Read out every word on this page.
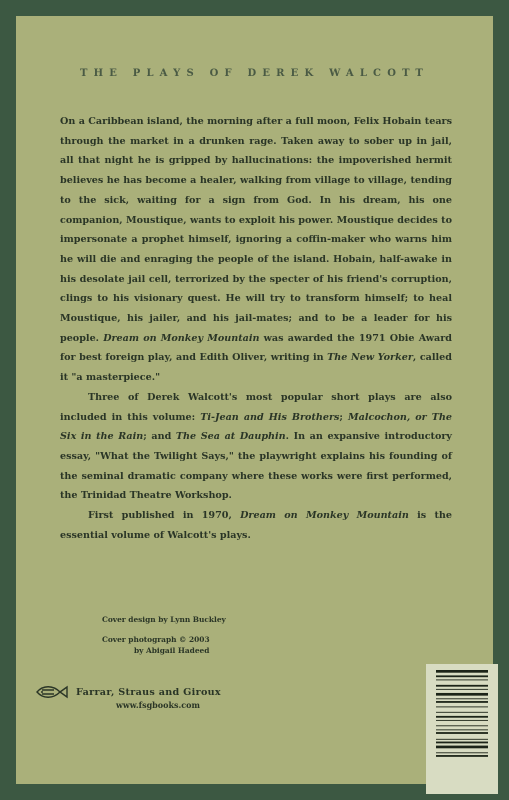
THE PLAYS OF DEREK WALCOTT

On a Caribbean island, the morning after a full moon, Felix Hobain tears through the market in a drunken rage. Taken away to sober up in jail, all that night he is gripped by hallucinations: the impoverished hermit believes he has become a healer, walking from village to village, tending to the sick, waiting for a sign from God. In his dream, his one companion, Moustique, wants to exploit his power. Moustique decides to impersonate a prophet himself, ignoring a coffin-maker who warns him he will die and enraging the people of the island. Hobain, half-awake in his desolate jail cell, terrorized by the specter of his friend's corruption, clings to his visionary quest. He will try to transform himself; to heal Moustique, his jailer, and his jail-mates; and to be a leader for his people. Dream on Monkey Mountain was awarded the 1971 Obie Award for best foreign play, and Edith Oliver, writing in The New Yorker, called it "a masterpiece."

Three of Derek Walcott's most popular short plays are also included in this volume: Ti-Jean and His Brothers; Malcochon, or The Six in the Rain; and The Sea at Dauphin. In an expansive introductory essay, "What the Twilight Says," the playwright explains his founding of the seminal dramatic company where these works were first performed, the Trinidad Theatre Workshop.

First published in 1970, Dream on Monkey Mountain is the essential volume of Walcott's plays.

Cover design by Lynn Buckley
Cover photograph © 2003
by Abigail Hadeed
Farrar, Straus and Giroux
www.fsgbooks.com
